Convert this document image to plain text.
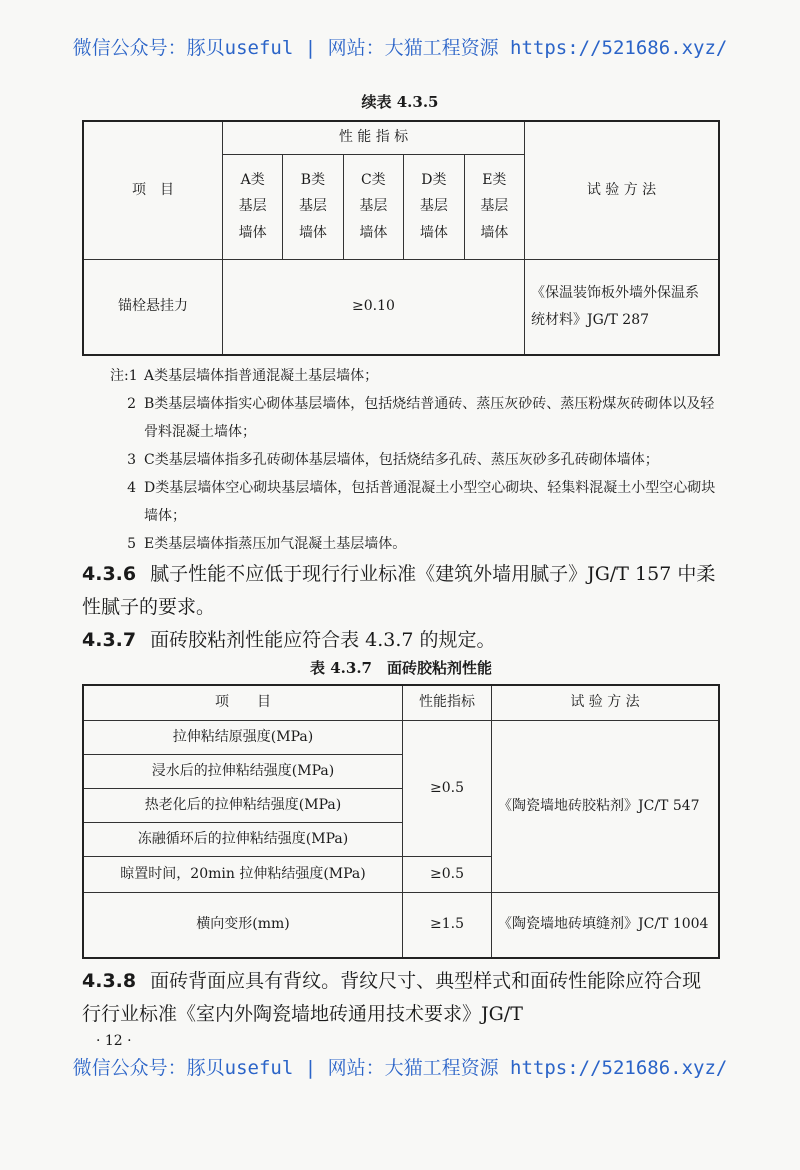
微信公众号：豚贝useful | 网站：大猫工程资源 https://521686.xyz/
续表 4.3.5
项　目	性 能 指 标					试 验 方 法
	A类基层墙体	B类基层墙体	C类基层墙体	D类基层墙体	E类基层墙体	
锚栓悬挂力	≥0.10					《保温装饰板外墙外保温系统材料》JG/T 287
注:1 A类基层墙体指普通混凝土基层墙体；
2 B类基层墙体指实心砌体基层墙体，包括烧结普通砖、蒸压灰砂砖、蒸压粉煤灰砖砌体以及轻骨料混凝土墙体；
3 C类基层墙体指多孔砖砌体基层墙体，包括烧结多孔砖、蒸压灰砂多孔砖砌体墙体；
4 D类基层墙体空心砌块基层墙体，包括普通混凝土小型空心砌块、轻集料混凝土小型空心砌块墙体；
5 E类基层墙体指蒸压加气混凝土基层墙体。
4.3.6 腻子性能不应低于现行行业标准《建筑外墙用腻子》JG/T 157 中柔性腻子的要求。
4.3.7 面砖胶粘剂性能应符合表 4.3.7 的规定。
表 4.3.7　面砖胶粘剂性能
项　　目	性能指标	试 验 方 法
拉伸粘结原强度(MPa)	≥0.5	《陶瓷墙地砖胶粘剂》JC/T 547
浸水后的拉伸粘结强度(MPa)		
热老化后的拉伸粘结强度(MPa)		
冻融循环后的拉伸粘结强度(MPa)		
晾置时间，20min 拉伸粘结强度(MPa)	≥0.5	
横向变形(mm)	≥1.5	《陶瓷墙地砖填缝剂》JC/T 1004
4.3.8 面砖背面应具有背纹。背纹尺寸、典型样式和面砖性能除应符合现行行业标准《室内外陶瓷墙地砖通用技术要求》JG/T
· 12 ·
微信公众号：豚贝useful | 网站：大猫工程资源 https://521686.xyz/
